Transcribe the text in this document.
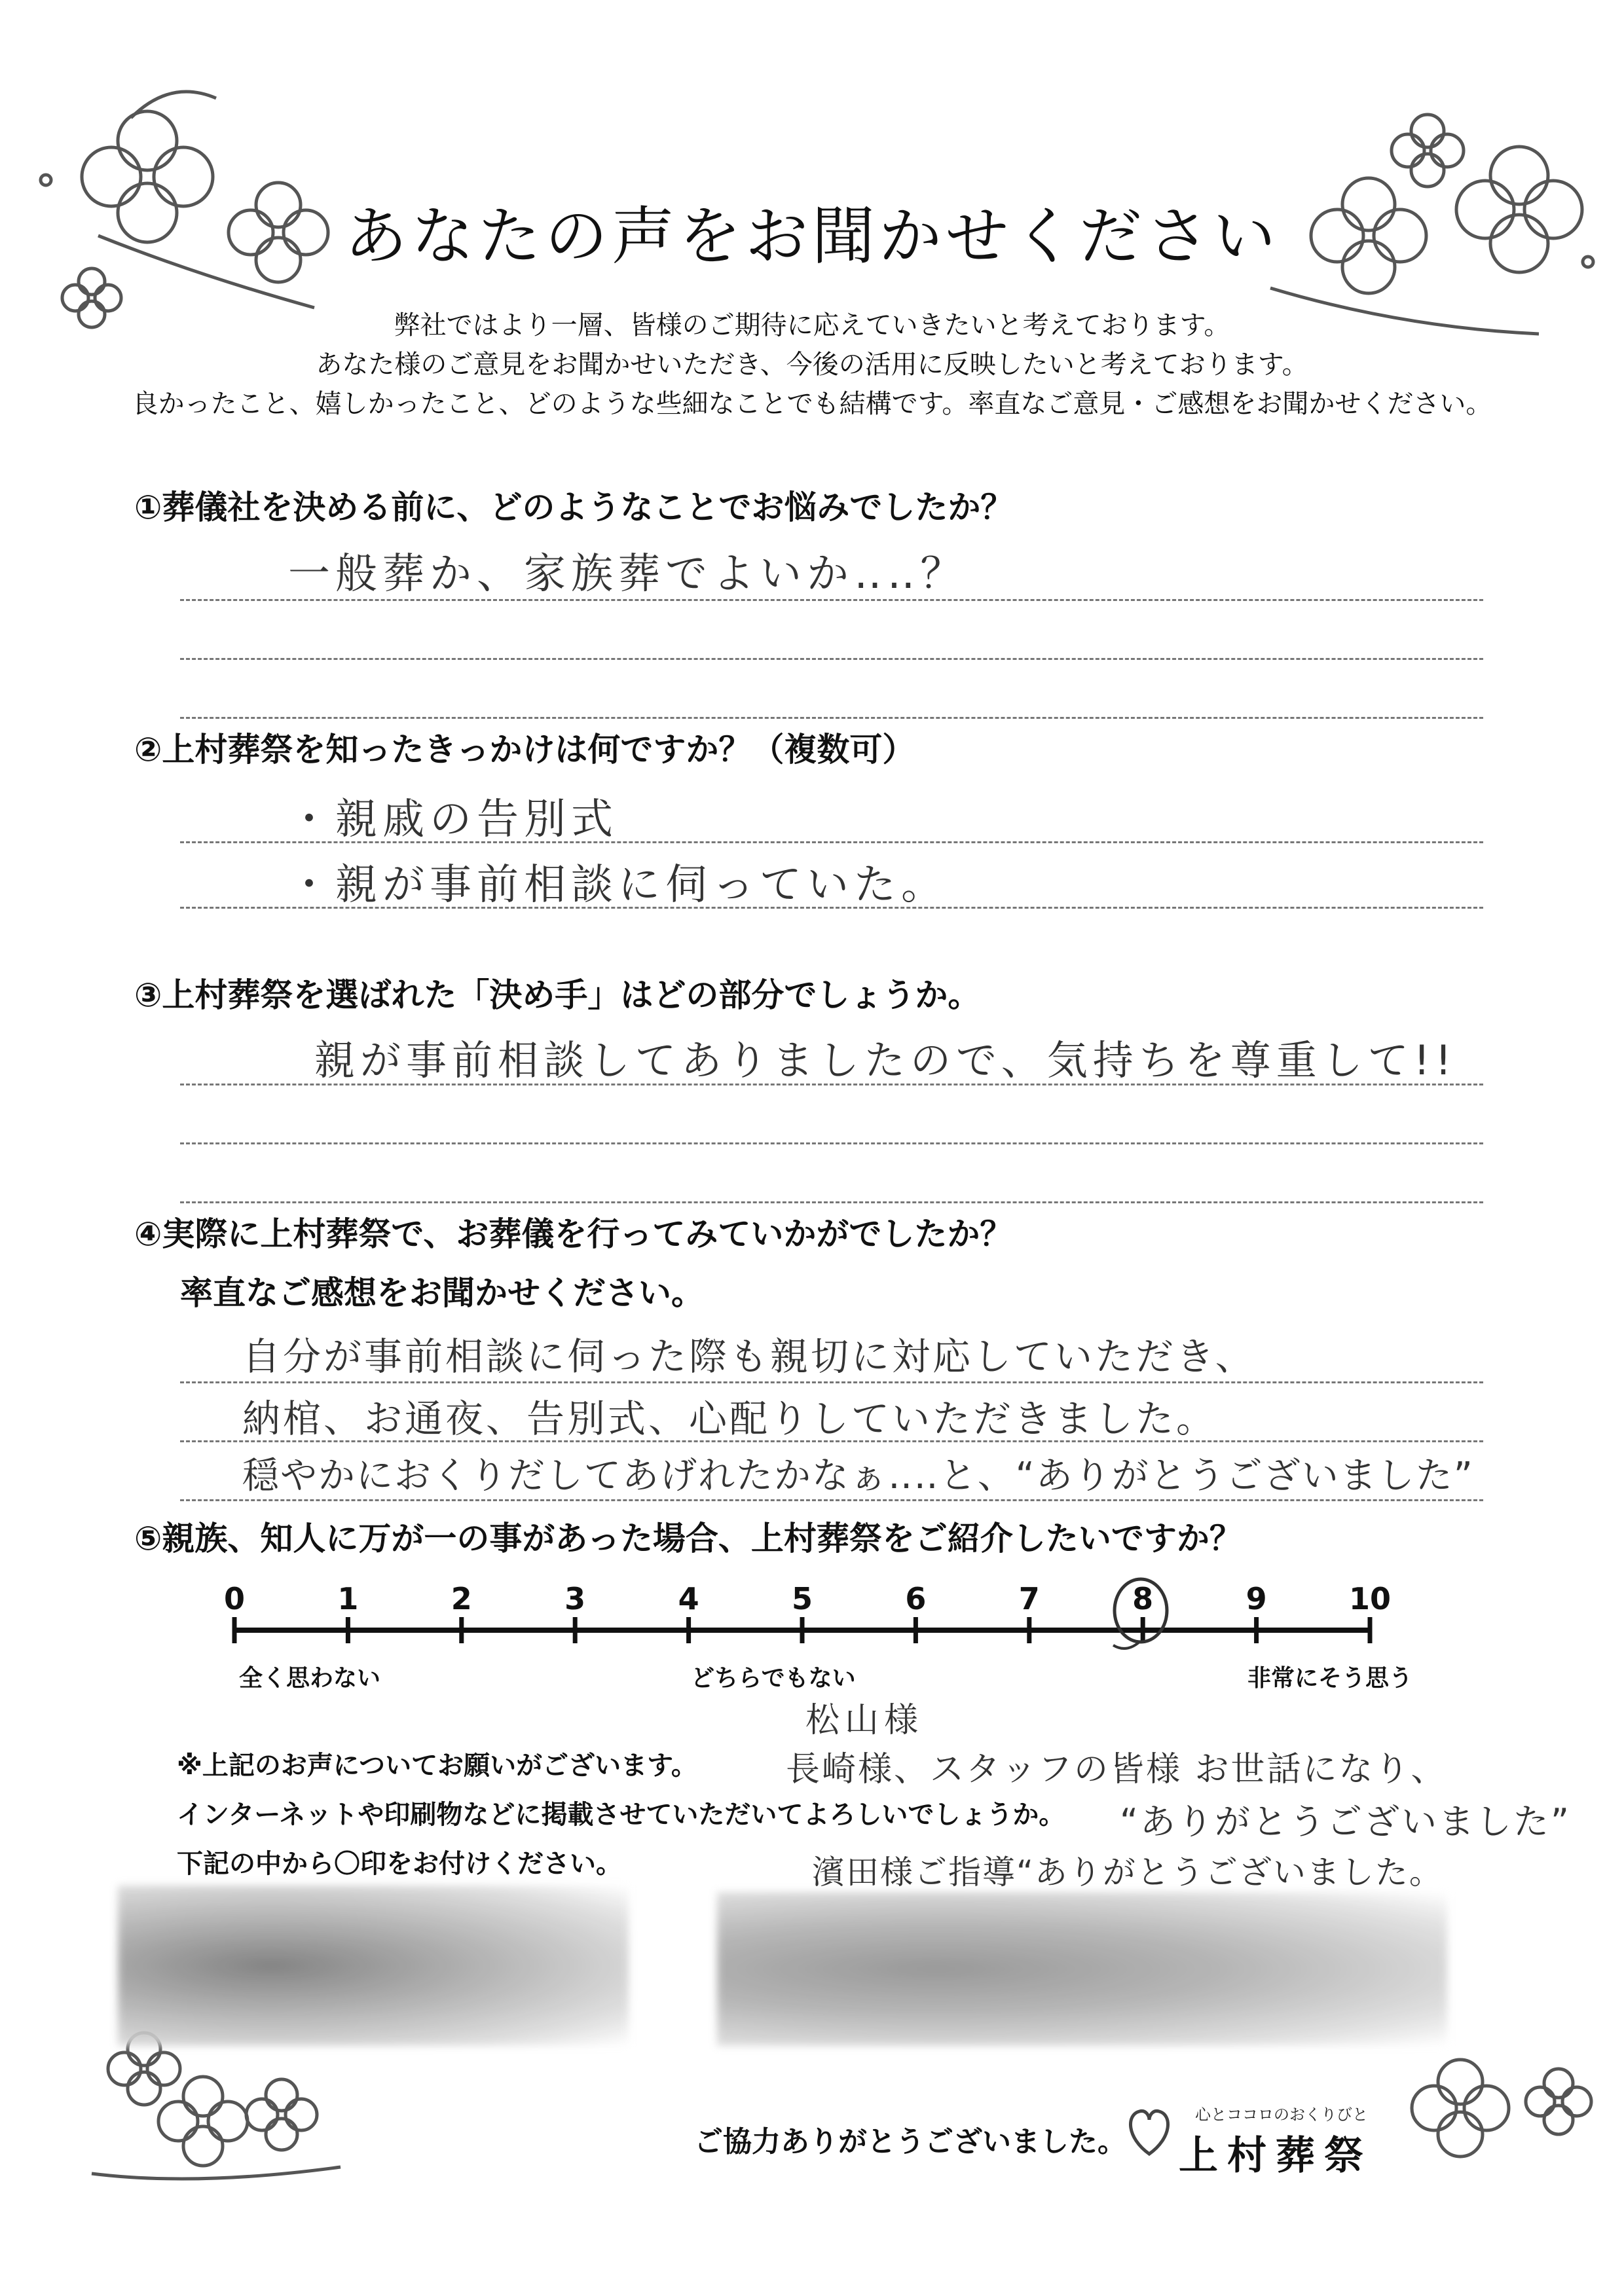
あなたの声をお聞かせください
弊社ではより一層、皆様のご期待に応えていきたいと考えております。
あなた様のご意見をお聞かせいただき、今後の活用に反映したいと考えております。
良かったこと、嬉しかったこと、どのような些細なことでも結構です。率直なご意見・ご感想をお聞かせください。
①葬儀社を決める前に、どのようなことでお悩みでしたか？
一般葬か、家族葬でよいか‥‥？
②上村葬祭を知ったきっかけは何ですか？（複数可）
・親戚の告別式
・親が事前相談に伺っていた。
③上村葬祭を選ばれた「決め手」はどの部分でしょうか。
親が事前相談してありましたので、気持ちを尊重して!!
④実際に上村葬祭で、お葬儀を行ってみていかがでしたか？
率直なご感想をお聞かせください。
自分が事前相談に伺った際も親切に対応していただき、
納棺、お通夜、告別式、心配りしていただきました。
穏やかにおくりだしてあげれたかなぁ‥‥と、“ありがとうございました”
⑤親族、知人に万が一の事があった場合、上村葬祭をご紹介したいですか？
0	1	2	3	4	5	6	7	8	9	10
全く思わない	どちらでもない	非常にそう思う
※上記のお声についてお願いがございます。
インターネットや印刷物などに掲載させていただいてよろしいでしょうか。
下記の中から〇印をお付けください。
松山様
長崎様、スタッフの皆様 お世話になり、
“ありがとうございました”
濱田様ご指導“ありがとうございました。
ご協力ありがとうございました。
心とココロのおくりびと
上村葬祭
